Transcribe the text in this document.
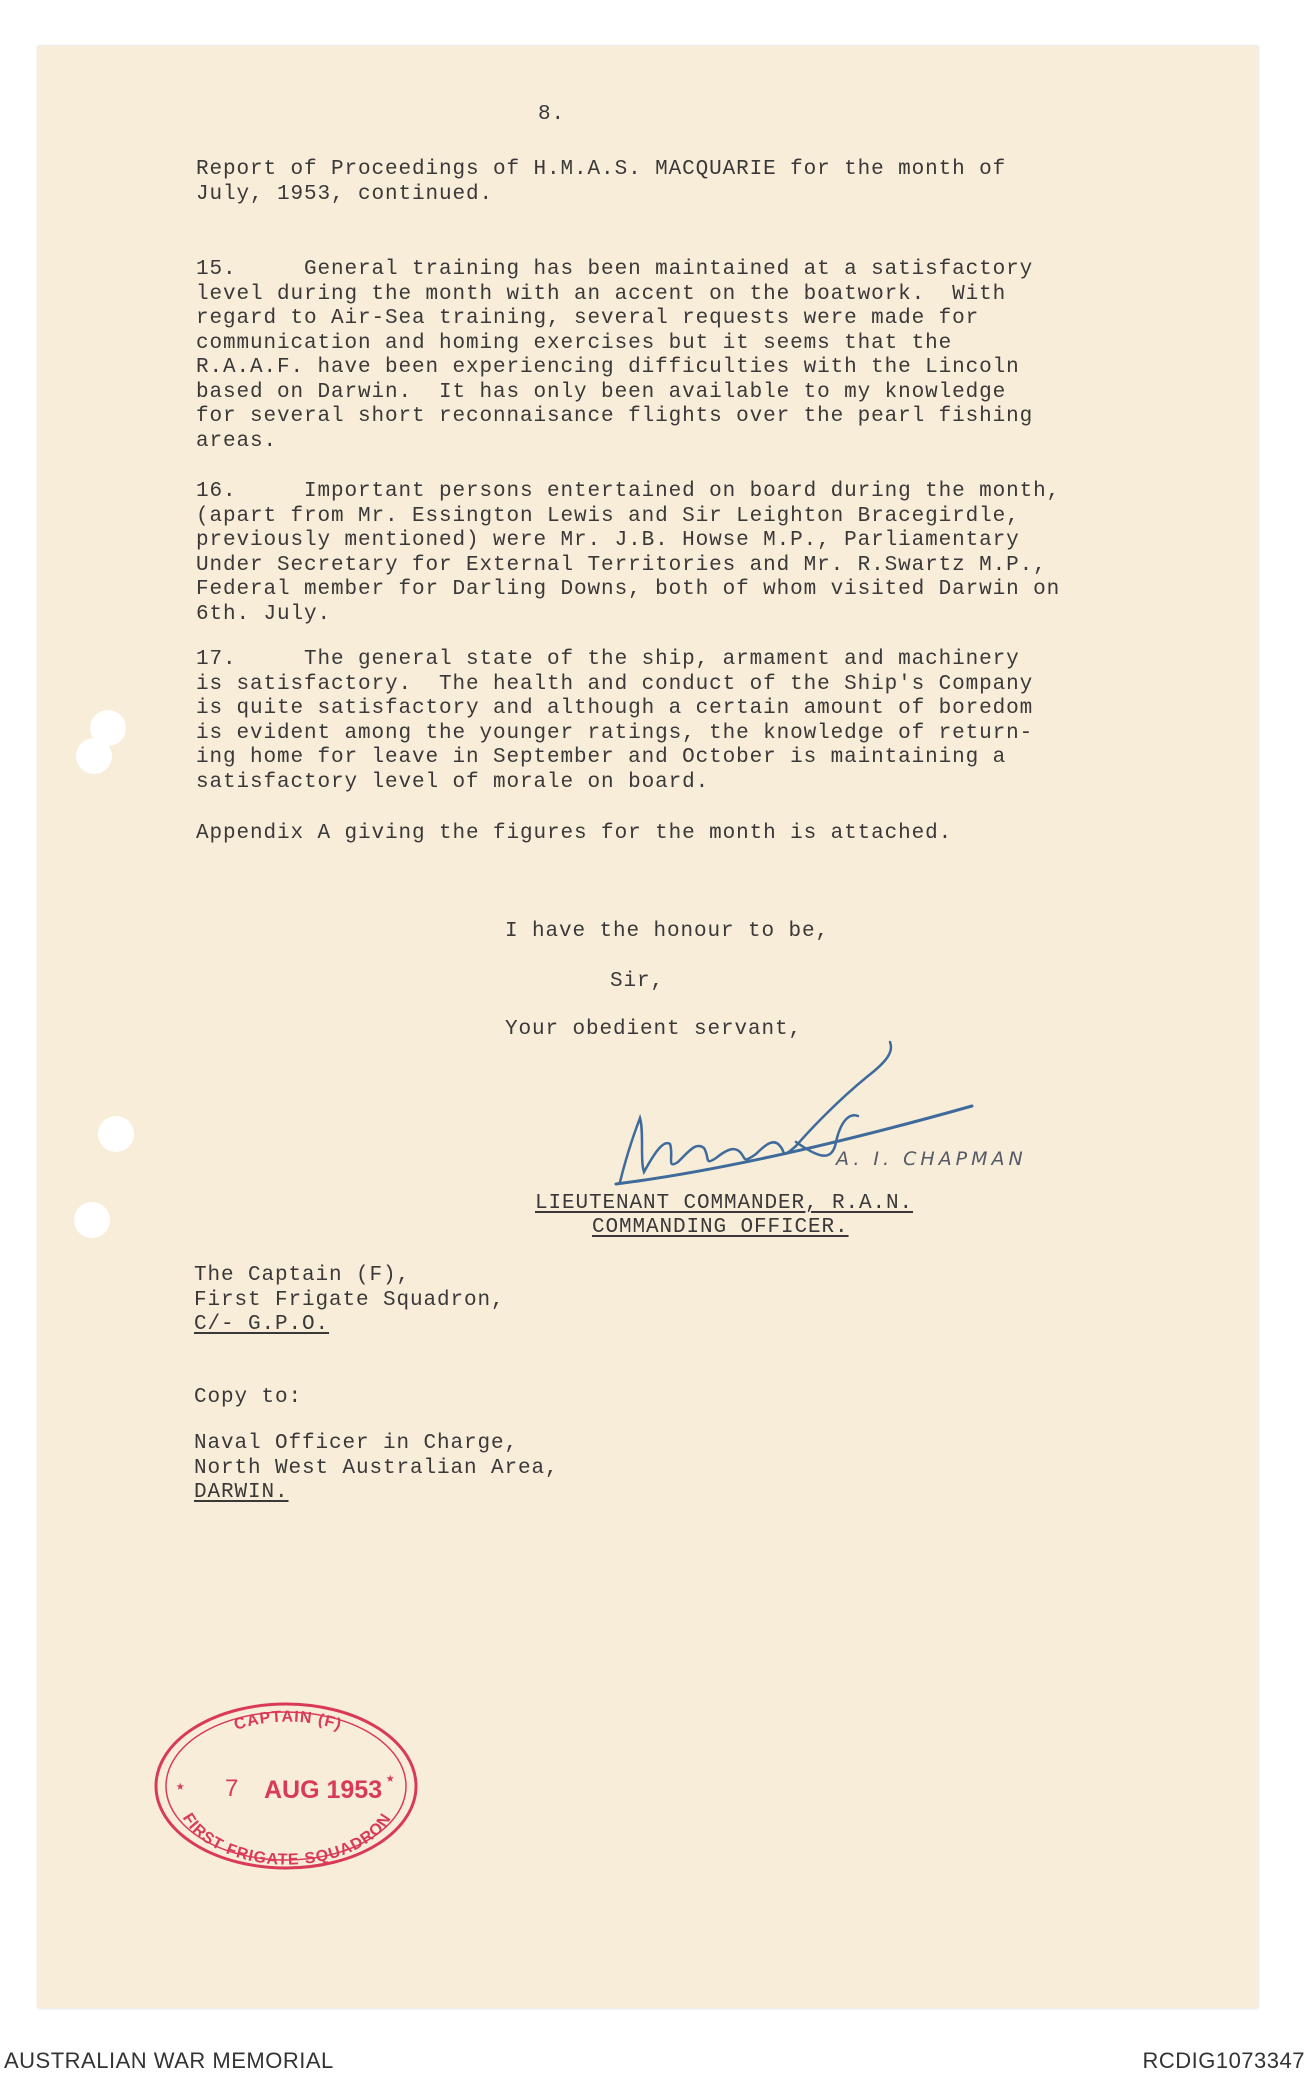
8.
Report of Proceedings of H.M.A.S. MACQUARIE for the month of
July, 1953, continued.
15.     General training has been maintained at a satisfactory
level during the month with an accent on the boatwork.  With
regard to Air-Sea training, several requests were made for
communication and homing exercises but it seems that the
R.A.A.F. have been experiencing difficulties with the Lincoln
based on Darwin.  It has only been available to my knowledge
for several short reconnaisance flights over the pearl fishing
areas.
16.     Important persons entertained on board during the month,
(apart from Mr. Essington Lewis and Sir Leighton Bracegirdle,
previously mentioned) were Mr. J.B. Howse M.P., Parliamentary
Under Secretary for External Territories and Mr. R.Swartz M.P.,
Federal member for Darling Downs, both of whom visited Darwin on
6th. July.
17.     The general state of the ship, armament and machinery
is satisfactory.  The health and conduct of the Ship's Company
is quite satisfactory and although a certain amount of boredom
is evident among the younger ratings, the knowledge of return-
ing home for leave in September and October is maintaining a
satisfactory level of morale on board.
Appendix A giving the figures for the month is attached.
I have the honour to be,
Sir,
Your obedient servant,
A. I. CHAPMAN
LIEUTENANT COMMANDER, R.A.N.
COMMANDING OFFICER.
The Captain (F),
First Frigate Squadron,
C/- G.P.O.
Copy to:
Naval Officer in Charge,
North West Australian Area,
DARWIN.
CAPTAIN (F)
7 AUG 1953
★	★
FIRST FRIGATE SQUADRON
AUSTRALIAN WAR MEMORIAL	RCDIG1073347
